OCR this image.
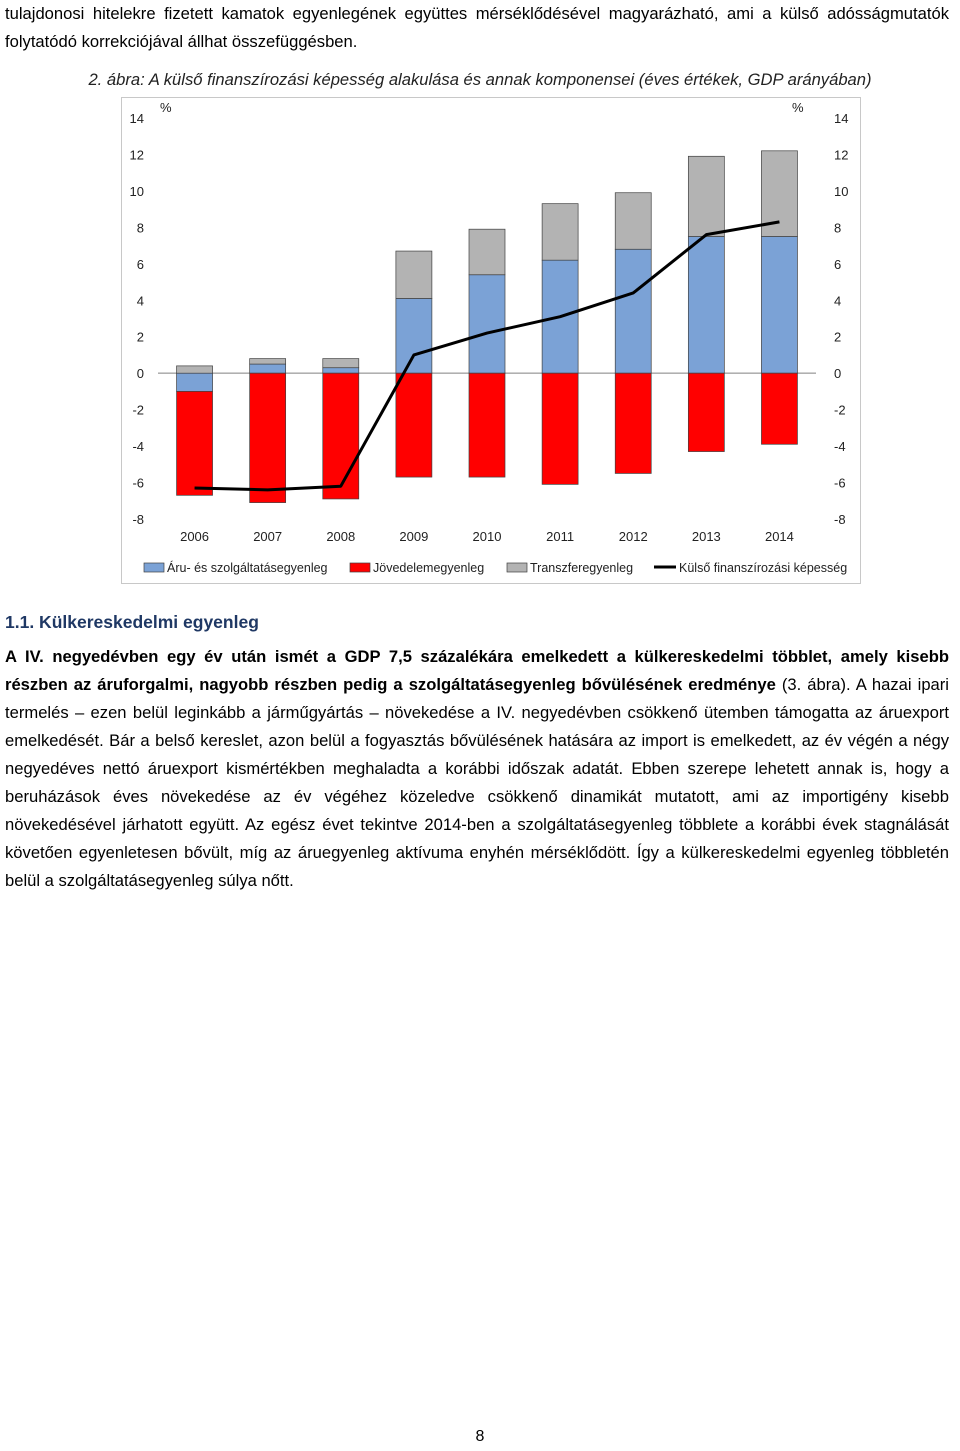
tulajdonosi hitelekre fizetett kamatok egyenlegének együttes mérséklődésével magyarázható, ami a külső adósságmutatók folytatódó korrekciójával állhat összefüggésben.

2. ábra: A külső finanszírozási képesség alakulása és annak komponensei (éves értékek, GDP arányában)
14	14
12	12
10	10
8	8
6	6
4	4
2	2
0	0
-2	-2
-4	-4
-6	-6
-8	-8
%	%
2006	2007	2008	2009	2010	2011	2012	2013	2014
Áru- és szolgáltatásegyenleg	Jövedelemegyenleg	Transzferegyenleg	Külső finanszírozási képesség
1.1. Külkereskedelmi egyenleg

A IV. negyedévben egy év után ismét a GDP 7,5 százalékára emelkedett a külkereskedelmi többlet, amely kisebb részben az áruforgalmi, nagyobb részben pedig a szolgáltatásegyenleg bővülésének eredménye (3. ábra). A hazai ipari termelés – ezen belül leginkább a járműgyártás – növekedése a IV. negyedévben csökkenő ütemben támogatta az áruexport emelkedését. Bár a belső kereslet, azon belül a fogyasztás bővülésének hatására az import is emelkedett, az év végén a négy negyedéves nettó áruexport kismértékben meghaladta a korábbi időszak adatát. Ebben szerepe lehetett annak is, hogy a beruházások éves növekedése az év végéhez közeledve csökkenő dinamikát mutatott, ami az importigény kisebb növekedésével járhatott együtt. Az egész évet tekintve 2014-ben a szolgáltatásegyenleg többlete a korábbi évek stagnálását követően egyenletesen bővült, míg az áruegyenleg aktívuma enyhén mérséklődött. Így a külkereskedelmi egyenleg többletén belül a szolgáltatásegyenleg súlya nőtt.

8
